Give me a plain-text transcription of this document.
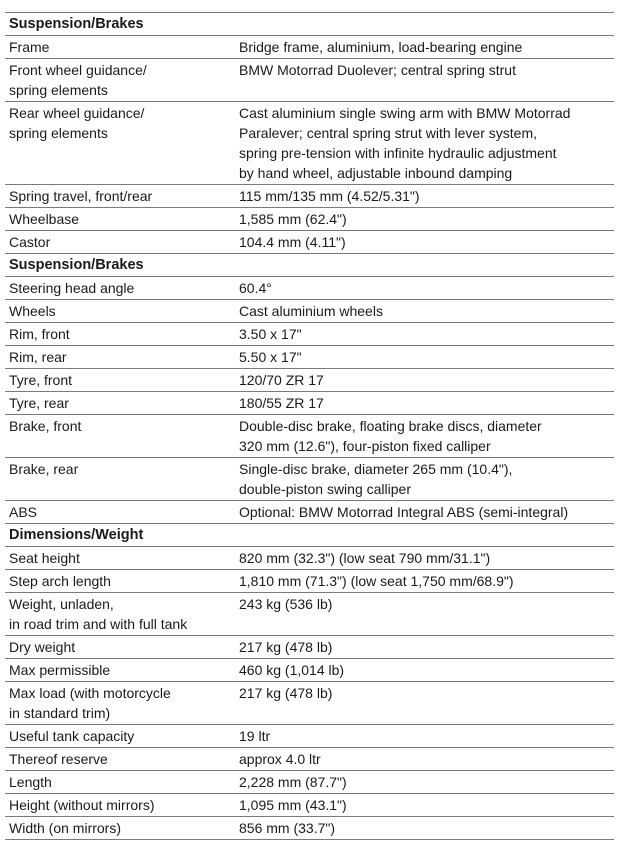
Suspension/Brakes	
Frame	Bridge frame, aluminium, load-bearing engine
Front wheel guidance/
spring elements	BMW Motorrad Duolever; central spring strut
Rear wheel guidance/
spring elements	Cast aluminium single swing arm with BMW Motorrad
Paralever; central spring strut with lever system,
spring pre-tension with infinite hydraulic adjustment
by hand wheel, adjustable inbound damping
Spring travel, front/rear	115 mm/135 mm (4.52/5.31")
Wheelbase	1,585 mm (62.4")
Castor	104.4 mm (4.11")
Suspension/Brakes	
Steering head angle	60.4°
Wheels	Cast aluminium wheels
Rim, front	3.50 x 17"
Rim, rear	5.50 x 17"
Tyre, front	120/70 ZR 17
Tyre, rear	180/55 ZR 17
Brake, front	Double-disc brake, floating brake discs, diameter
320 mm (12.6"), four-piston fixed calliper
Brake, rear	Single-disc brake, diameter 265 mm (10.4"),
double-piston swing calliper
ABS	Optional: BMW Motorrad Integral ABS (semi-integral)
Dimensions/Weight	
Seat height	820 mm (32.3") (low seat 790 mm/31.1")
Step arch length	1,810 mm (71.3") (low seat 1,750 mm/68.9")
Weight, unladen,
in road trim and with full tank	243 kg (536 lb)
Dry weight	217 kg (478 lb)
Max permissible	460 kg (1,014 lb)
Max load (with motorcycle
in standard trim)	217 kg (478 lb)
Useful tank capacity	19 ltr
Thereof reserve	approx 4.0 ltr
Length	2,228 mm (87.7")
Height (without mirrors)	1,095 mm (43.1")
Width (on mirrors)	856 mm (33.7")
